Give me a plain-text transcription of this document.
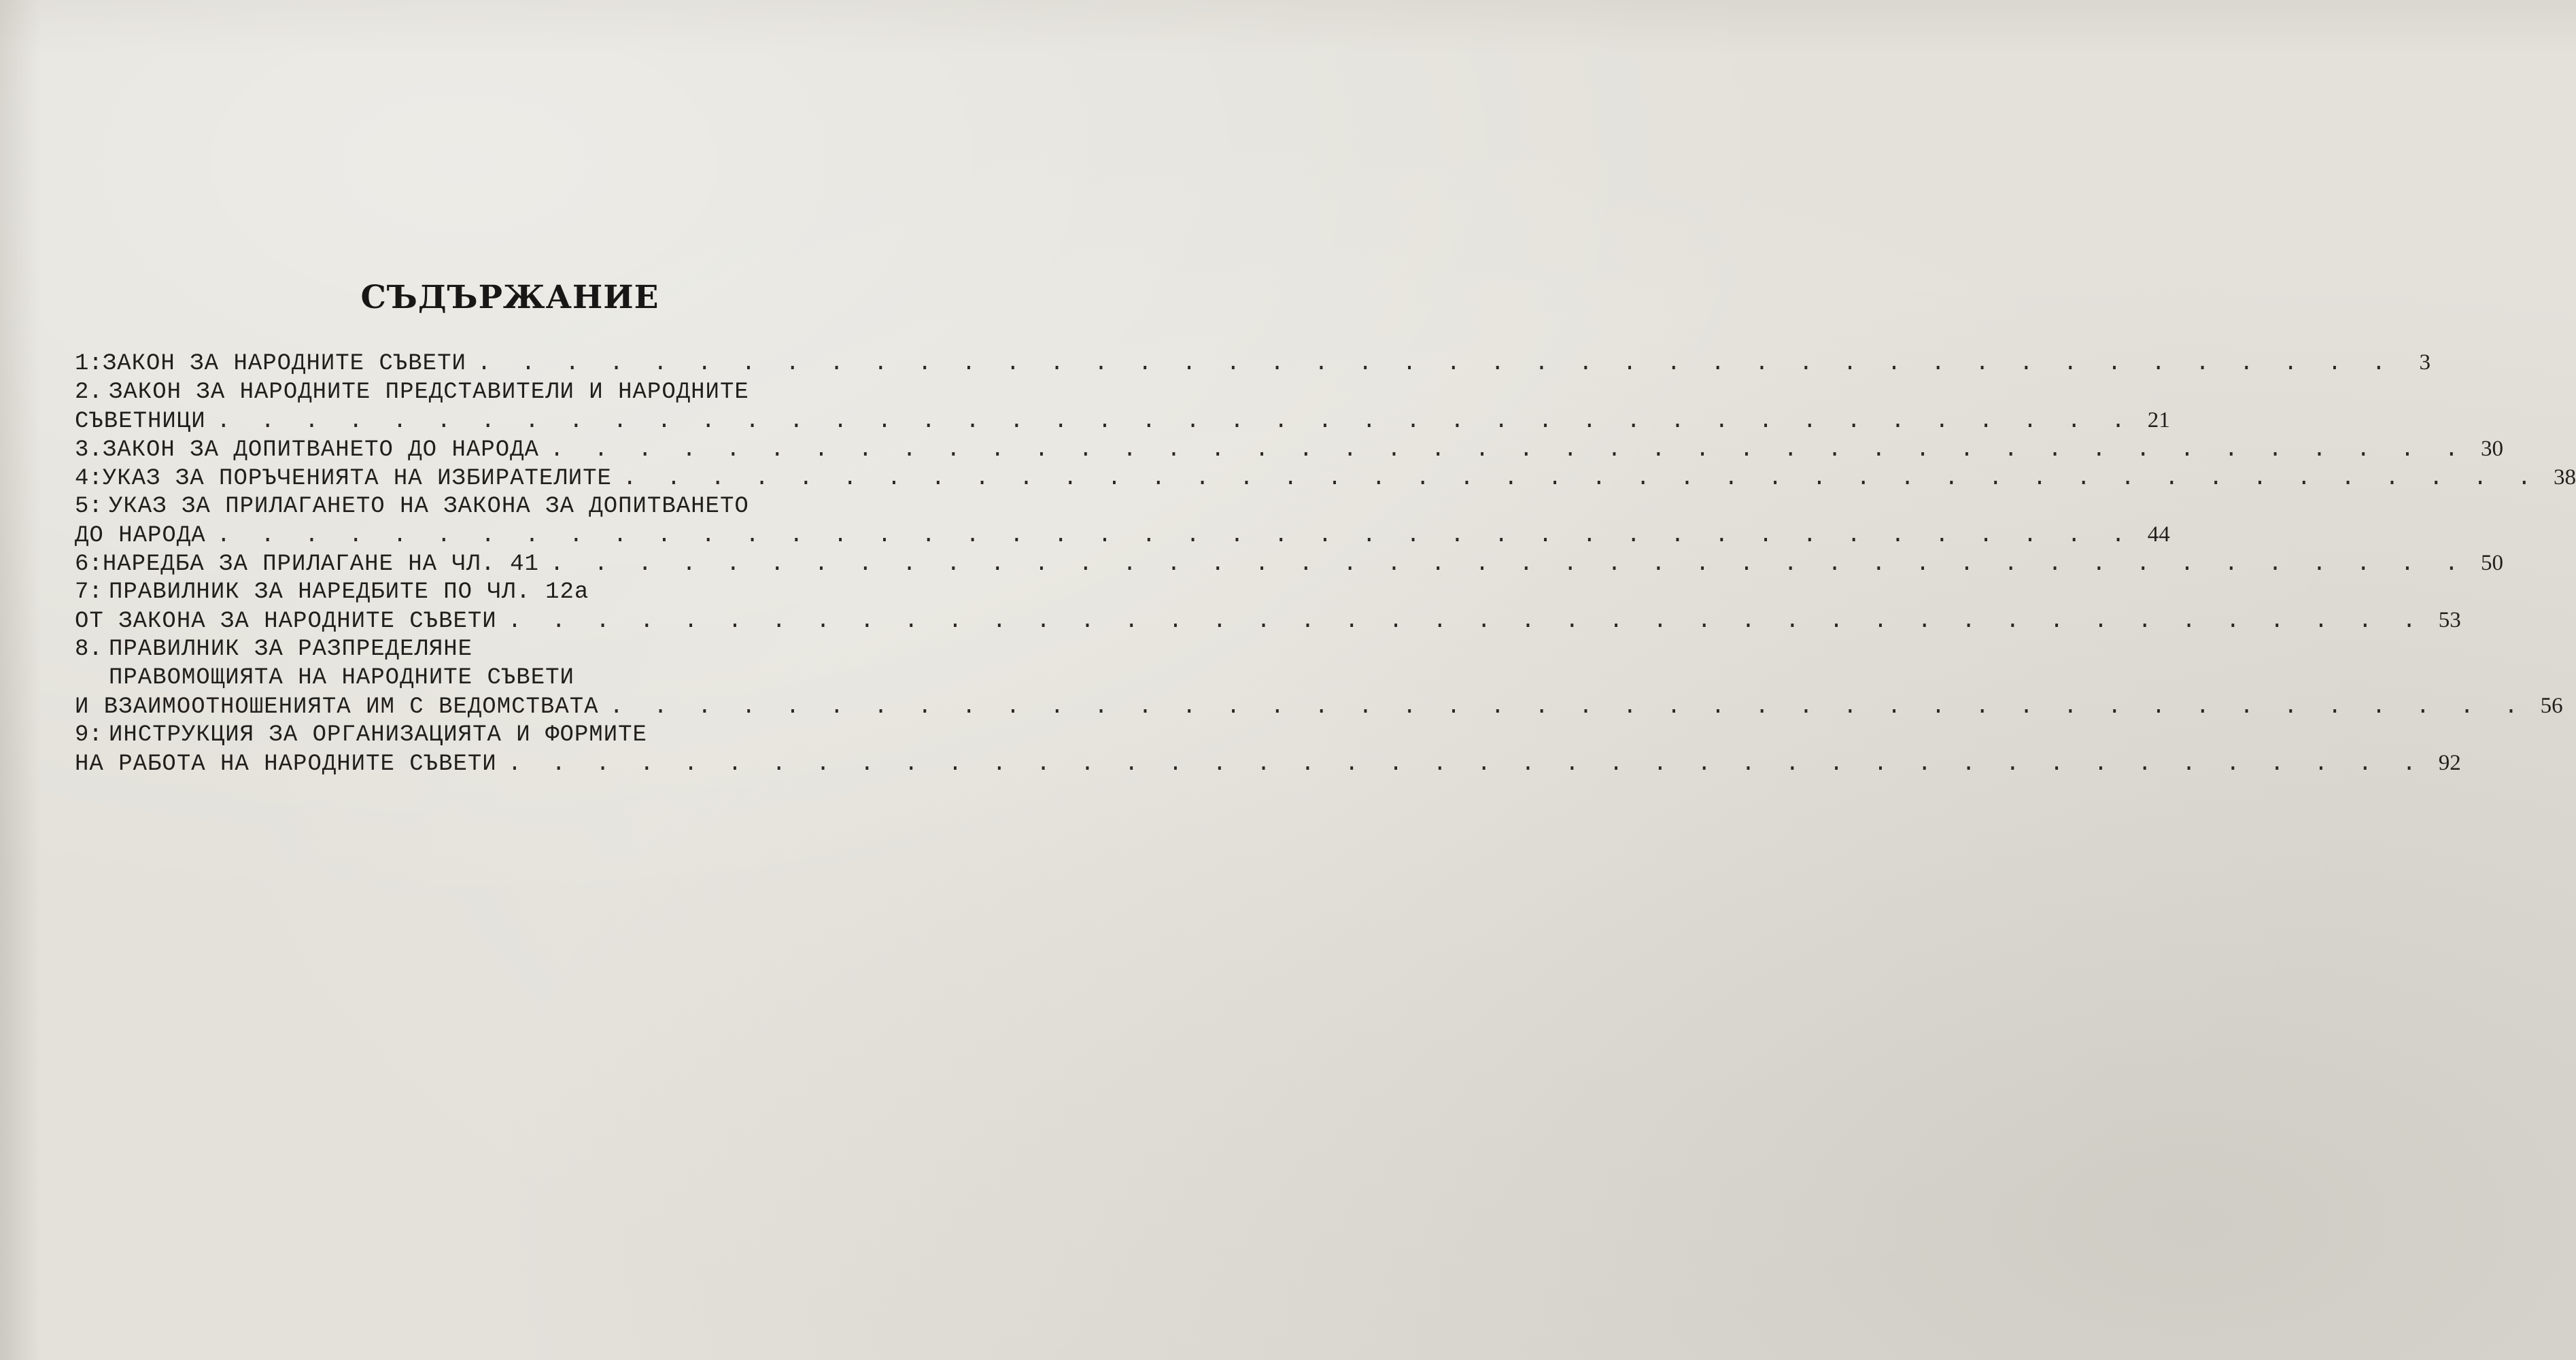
СЪДЪРЖАНИЕ
1: ЗАКОН ЗА НАРОДНИТЕ СЪВЕТИ . . . . . . . . . . . . . . . . . . . . . . . . . . . . . . . . . . . . . . . . . . . .	3
2. ЗАКОН ЗА НАРОДНИТЕ ПРЕДСТАВИТЕЛИ И НАРОДНИТЕ
СЪВЕТНИЦИ . . . . . . . . . . . . . . . . . . . . . . . . . . . . . . . . . . . . . . . . . . . . 21
3. ЗАКОН ЗА ДОПИТВАНЕТО ДО НАРОДА . . . . . . . . . . . . . . . . . . . . . . . . . . . . . . . . . . . . . . . . . . . . 30
4: УКАЗ ЗА ПОРЪЧЕНИЯТА НА ИЗБИРАТЕЛИТЕ . . . . . . . . . . . . . . . . . . . . . . . . . . . . . . . . . . . . . . . . . . . . 38
5: УКАЗ ЗА ПРИЛАГАНЕТО НА ЗАКОНА ЗА ДОПИТВАНЕТО
ДО НАРОДА . . . . . . . . . . . . . . . . . . . . . . . . . . . . . . . . . . . . . . . . . . . . 44
6: НАРЕДБА ЗА ПРИЛАГАНЕ НА ЧЛ. 41 . . . . . . . . . . . . . . . . . . . . . . . . . . . . . . . . . . . . . . . . . . . . 50
7: ПРАВИЛНИК ЗА НАРЕДБИТЕ ПО ЧЛ. 12а
ОТ ЗАКОНА ЗА НАРОДНИТЕ СЪВЕТИ . . . . . . . . . . . . . . . . . . . . . . . . . . . . . . . . . . . . . . . . . . . . 53
8. ПРАВИЛНИК ЗА РАЗПРЕДЕЛЯНЕ
ПРАВОМОЩИЯТА НА НАРОДНИТЕ СЪВЕТИ
И ВЗАИМООТНОШЕНИЯТА ИМ С ВЕДОМСТВАТА . . . . . . . . . . . . . . . . . . . . . . . . . . . . . . . . . . . . . . . . . . . . 56
9: ИНСТРУКЦИЯ ЗА ОРГАНИЗАЦИЯТА И ФОРМИТЕ
НА РАБОТА НА НАРОДНИТЕ СЪВЕТИ . . . . . . . . . . . . . . . . . . . . . . . . . . . . . . . . . . . . . . . . . . . . 92
